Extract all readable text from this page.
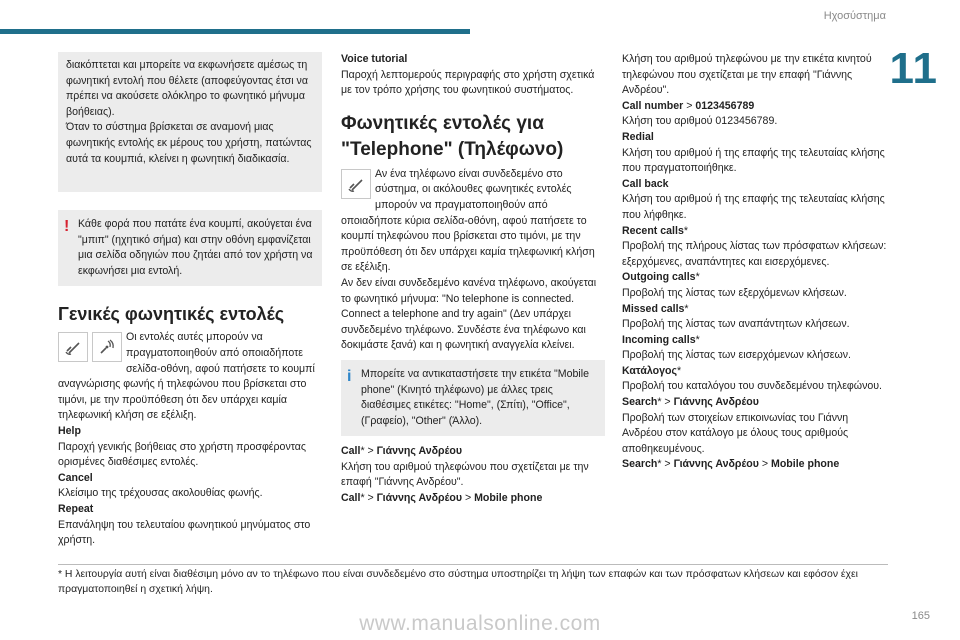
Ηχοσύστημα
11

διακόπτεται και μπορείτε να εκφωνήσετε αμέσως τη φωνητική εντολή που θέλετε (αποφεύγοντας έτσι να πρέπει να ακούσετε ολόκληρο το φωνητικό μήνυμα βοήθειας).

Όταν το σύστημα βρίσκεται σε αναμονή μιας φωνητικής εντολής εκ μέρους του χρήστη, πατώντας αυτά τα κουμπιά, κλείνει η φωνητική διαδικασία.

! Κάθε φορά που πατάτε ένα κουμπί, ακούγεται ένα "μπιπ" (ηχητικό σήμα) και στην οθόνη εμφανίζεται μια σελίδα οδηγιών που ζητάει από τον χρήστη να εκφωνήσει μια εντολή.

Γενικές φωνητικές εντολές

Οι εντολές αυτές μπορούν να πραγματοποιηθούν από οποιαδήποτε σελίδα-οθόνη, αφού πατήσετε το κουμπί αναγνώρισης φωνής ή τηλεφώνου που βρίσκεται στο τιμόνι, με την προϋπόθεση ότι δεν υπάρχει καμία τηλεφωνική κλήση σε εξέλιξη.

Help

Παροχή γενικής βοήθειας στο χρήστη προσφέροντας ορισμένες διαθέσιμες εντολές.

Cancel

Κλείσιμο της τρέχουσας ακολουθίας φωνής.

Repeat

Επανάληψη του τελευταίου φωνητικού μηνύματος στο χρήστη.

Voice tutorial

Παροχή λεπτομερούς περιγραφής στο χρήστη σχετικά με τον τρόπο χρήσης του φωνητικού συστήματος.

Φωνητικές εντολές για "Telephone" (Τηλέφωνο)

Αν ένα τηλέφωνο είναι συνδεδεμένο στο σύστημα, οι ακόλουθες φωνητικές εντολές μπορούν να πραγματοποιηθούν από οποιαδήποτε κύρια σελίδα-οθόνη, αφού πατήσετε το κουμπί τηλεφώνου που βρίσκεται στο τιμόνι, με την προϋπόθεση ότι δεν υπάρχει καμία τηλεφωνική κλήση σε εξέλιξη.

Αν δεν είναι συνδεδεμένο κανένα τηλέφωνο, ακούγεται το φωνητικό μήνυμα: "No telephone is connected. Connect a telephone and try again" (Δεν υπάρχει συνδεδεμένο τηλέφωνο. Συνδέστε ένα τηλέφωνο και δοκιμάστε ξανά) και η φωνητική αναγγελία κλείνει.

i Μπορείτε να αντικαταστήσετε την ετικέτα "Mobile phone" (Κινητό τηλέφωνο) με άλλες τρεις διαθέσιμες ετικέτες: "Home", (Σπίτι), "Office", (Γραφείο), "Other" (Άλλο).

Call* > Γιάννης Ανδρέου

Κλήση του αριθμού τηλεφώνου που σχετίζεται με την επαφή "Γιάννης Ανδρέου".

Call* > Γιάννης Ανδρέου > Mobile phone

Κλήση του αριθμού τηλεφώνου με την ετικέτα κινητού τηλεφώνου που σχετίζεται με την επαφή "Γιάννης Ανδρέου".

Call number > 0123456789

Κλήση του αριθμού 0123456789.

Redial

Κλήση του αριθμού ή της επαφής της τελευταίας κλήσης που πραγματοποιήθηκε.

Call back

Κλήση του αριθμού ή της επαφής της τελευταίας κλήσης που λήφθηκε.

Recent calls*

Προβολή της πλήρους λίστας των πρόσφατων κλήσεων: εξερχόμενες, αναπάντητες και εισερχόμενες.

Outgoing calls*

Προβολή της λίστας των εξερχόμενων κλήσεων.

Missed calls*

Προβολή της λίστας των αναπάντητων κλήσεων.

Incoming calls*

Προβολή της λίστας των εισερχόμενων κλήσεων.

Κατάλογος*

Προβολή του καταλόγου του συνδεδεμένου τηλεφώνου.

Search* > Γιάννης Ανδρέου

Προβολή των στοιχείων επικοινωνίας του Γιάννη Ανδρέου στον κατάλογο με όλους τους αριθμούς αποθηκευμένους.

Search* > Γιάννης Ανδρέου > Mobile phone

* Η λειτουργία αυτή είναι διαθέσιμη μόνο αν το τηλέφωνο που είναι συνδεδεμένο στο σύστημα υποστηρίζει τη λήψη των επαφών και των πρόσφατων κλήσεων και εφόσον έχει πραγματοποιηθεί η σχετική λήψη.
www.manualsonline.com	165
